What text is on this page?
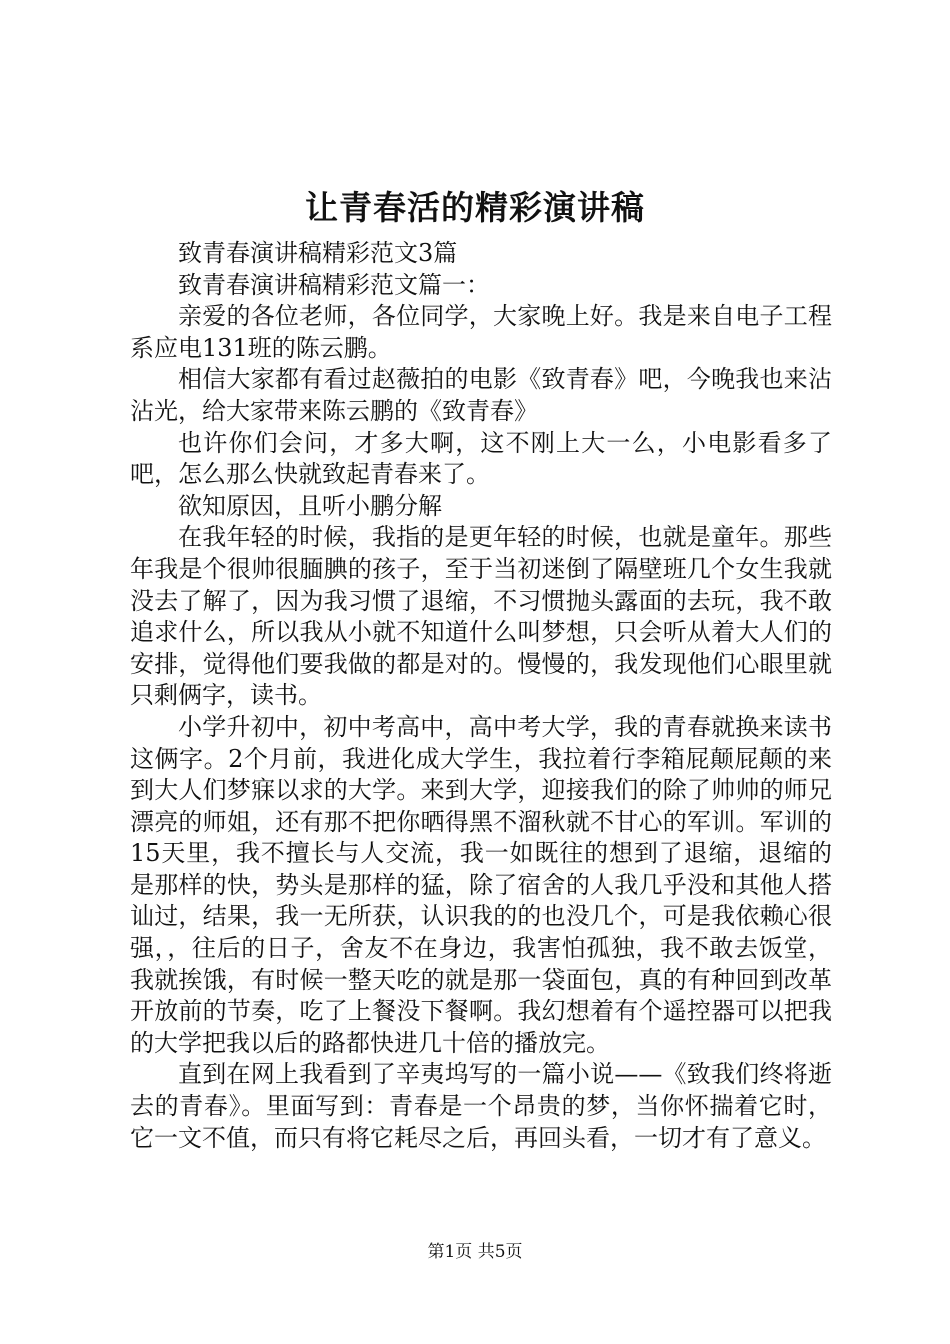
让青春活的精彩演讲稿

致青春演讲稿精彩范文3篇

致青春演讲稿精彩范文篇一：

亲爱的各位老师，各位同学，大家晚上好。我是来自电子工程系应电131班的陈云鹏。

相信大家都有看过赵薇拍的电影《致青春》吧，今晚我也来沾沾光，给大家带来陈云鹏的《致青春》

也许你们会问，才多大啊，这不刚上大一么，小电影看多了吧，怎么那么快就致起青春来了。

欲知原因，且听小鹏分解

在我年轻的时候，我指的是更年轻的时候，也就是童年。那些年我是个很帅很腼腆的孩子，至于当初迷倒了隔壁班几个女生我就没去了解了，因为我习惯了退缩，不习惯抛头露面的去玩，我不敢追求什么，所以我从小就不知道什么叫梦想，只会听从着大人们的安排，觉得他们要我做的都是对的。慢慢的，我发现他们心眼里就只剩俩字，读书。

小学升初中，初中考高中，高中考大学，我的青春就换来读书这俩字。2个月前，我进化成大学生，我拉着行李箱屁颠屁颠的来到大人们梦寐以求的大学。来到大学，迎接我们的除了帅帅的师兄漂亮的师姐，还有那不把你晒得黑不溜秋就不甘心的军训。军训的15天里，我不擅长与人交流，我一如既往的想到了退缩，退缩的是那样的快，势头是那样的猛，除了宿舍的人我几乎没和其他人搭讪过，结果，我一无所获，认识我的的也没几个，可是我依赖心很强，，往后的日子，舍友不在身边，我害怕孤独，我不敢去饭堂，我就挨饿，有时候一整天吃的就是那一袋面包，真的有种回到改革开放前的节奏，吃了上餐没下餐啊。我幻想着有个遥控器可以把我的大学把我以后的路都快进几十倍的播放完。

直到在网上我看到了辛夷坞写的一篇小说——《致我们终将逝去的青春》。里面写到：青春是一个昂贵的梦，当你怀揣着它时，它一文不值，而只有将它耗尽之后，再回头看，一切才有了意义。

第1页 共5页
